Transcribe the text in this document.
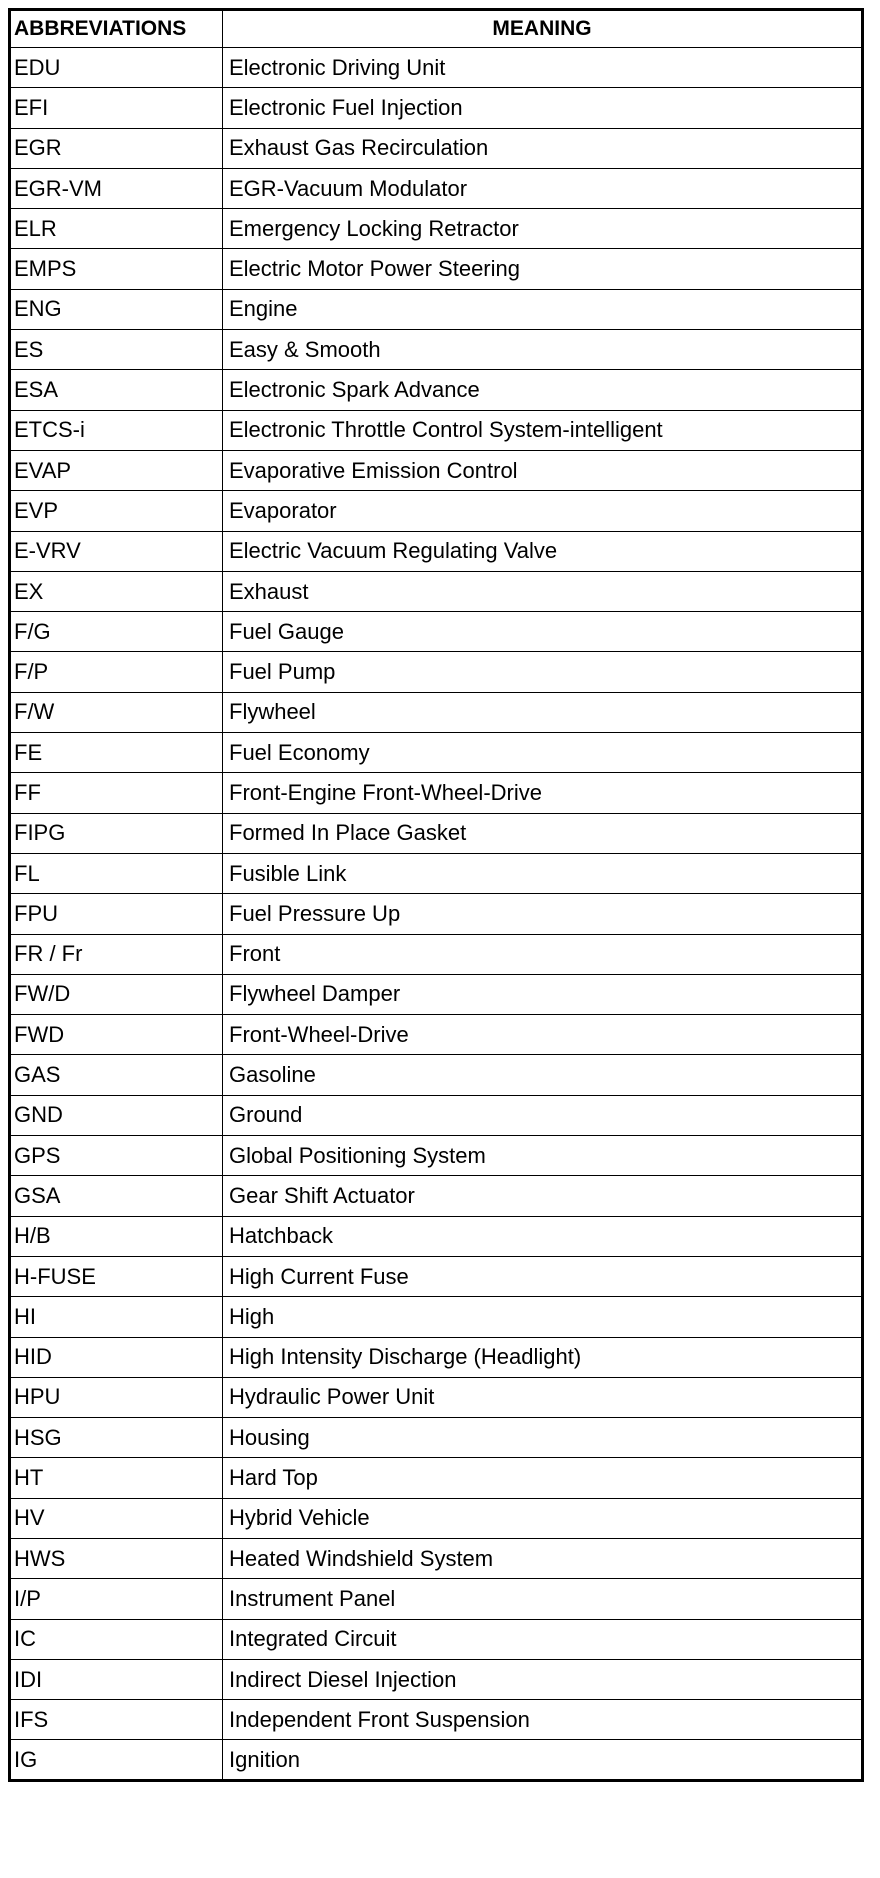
ABBREVIATIONS	MEANING
EDU	Electronic Driving Unit
EFI	Electronic Fuel Injection
EGR	Exhaust Gas Recirculation
EGR-VM	EGR-Vacuum Modulator
ELR	Emergency Locking Retractor
EMPS	Electric Motor Power Steering
ENG	Engine
ES	Easy & Smooth
ESA	Electronic Spark Advance
ETCS-i	Electronic Throttle Control System-intelligent
EVAP	Evaporative Emission Control
EVP	Evaporator
E-VRV	Electric Vacuum Regulating Valve
EX	Exhaust
F/G	Fuel Gauge
F/P	Fuel Pump
F/W	Flywheel
FE	Fuel Economy
FF	Front-Engine Front-Wheel-Drive
FIPG	Formed In Place Gasket
FL	Fusible Link
FPU	Fuel Pressure Up
FR / Fr	Front
FW/D	Flywheel Damper
FWD	Front-Wheel-Drive
GAS	Gasoline
GND	Ground
GPS	Global Positioning System
GSA	Gear Shift Actuator
H/B	Hatchback
H-FUSE	High Current Fuse
HI	High
HID	High Intensity Discharge (Headlight)
HPU	Hydraulic Power Unit
HSG	Housing
HT	Hard Top
HV	Hybrid Vehicle
HWS	Heated Windshield System
I/P	Instrument Panel
IC	Integrated Circuit
IDI	Indirect Diesel Injection
IFS	Independent Front Suspension
IG	Ignition
